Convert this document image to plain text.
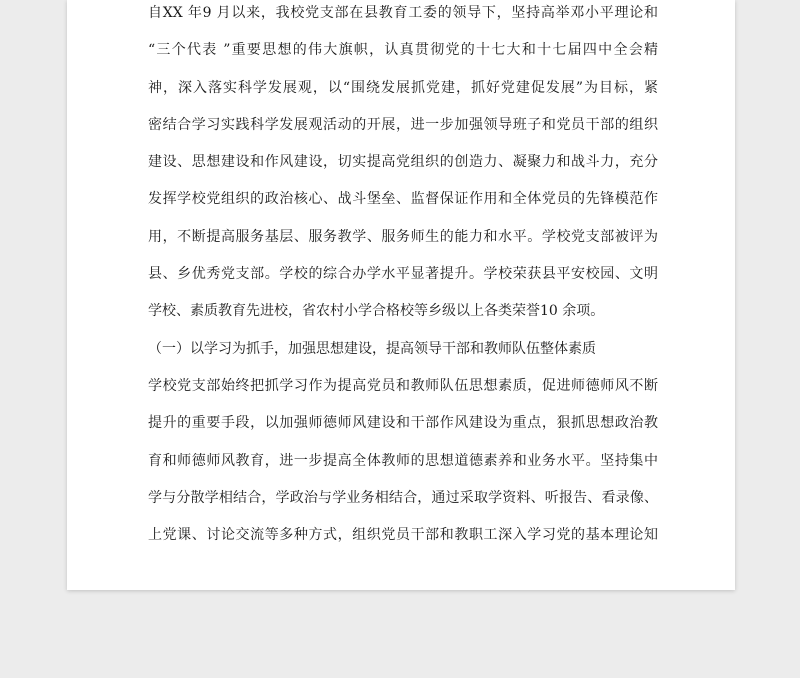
自XX 年9 月以来，我校党支部在县教育工委的领导下，坚持高举邓小平理论和
“三个代表 ”重要思想的伟大旗帜，认真贯彻党的十七大和十七届四中全会精
神，深入落实科学发展观，以“围绕发展抓党建，抓好党建促发展”为目标，紧
密结合学习实践科学发展观活动的开展，进一步加强领导班子和党员干部的组织
建设、思想建设和作风建设，切实提高党组织的创造力、凝聚力和战斗力，充分
发挥学校党组织的政治核心、战斗堡垒、监督保证作用和全体党员的先锋模范作
用，不断提高服务基层、服务教学、服务师生的能力和水平。学校党支部被评为
县、乡优秀党支部。学校的综合办学水平显著提升。学校荣获县平安校园、文明
学校、素质教育先进校，省农村小学合格校等乡级以上各类荣誉10 余项。
（一）以学习为抓手，加强思想建设，提高领导干部和教师队伍整体素质
学校党支部始终把抓学习作为提高党员和教师队伍思想素质，促进师德师风不断
提升的重要手段，以加强师德师风建设和干部作风建设为重点，狠抓思想政治教
育和师德师风教育，进一步提高全体教师的思想道德素养和业务水平。坚持集中
学与分散学相结合，学政治与学业务相结合，通过采取学资料、听报告、看录像、
上党课、讨论交流等多种方式，组织党员干部和教职工深入学习党的基本理论知
